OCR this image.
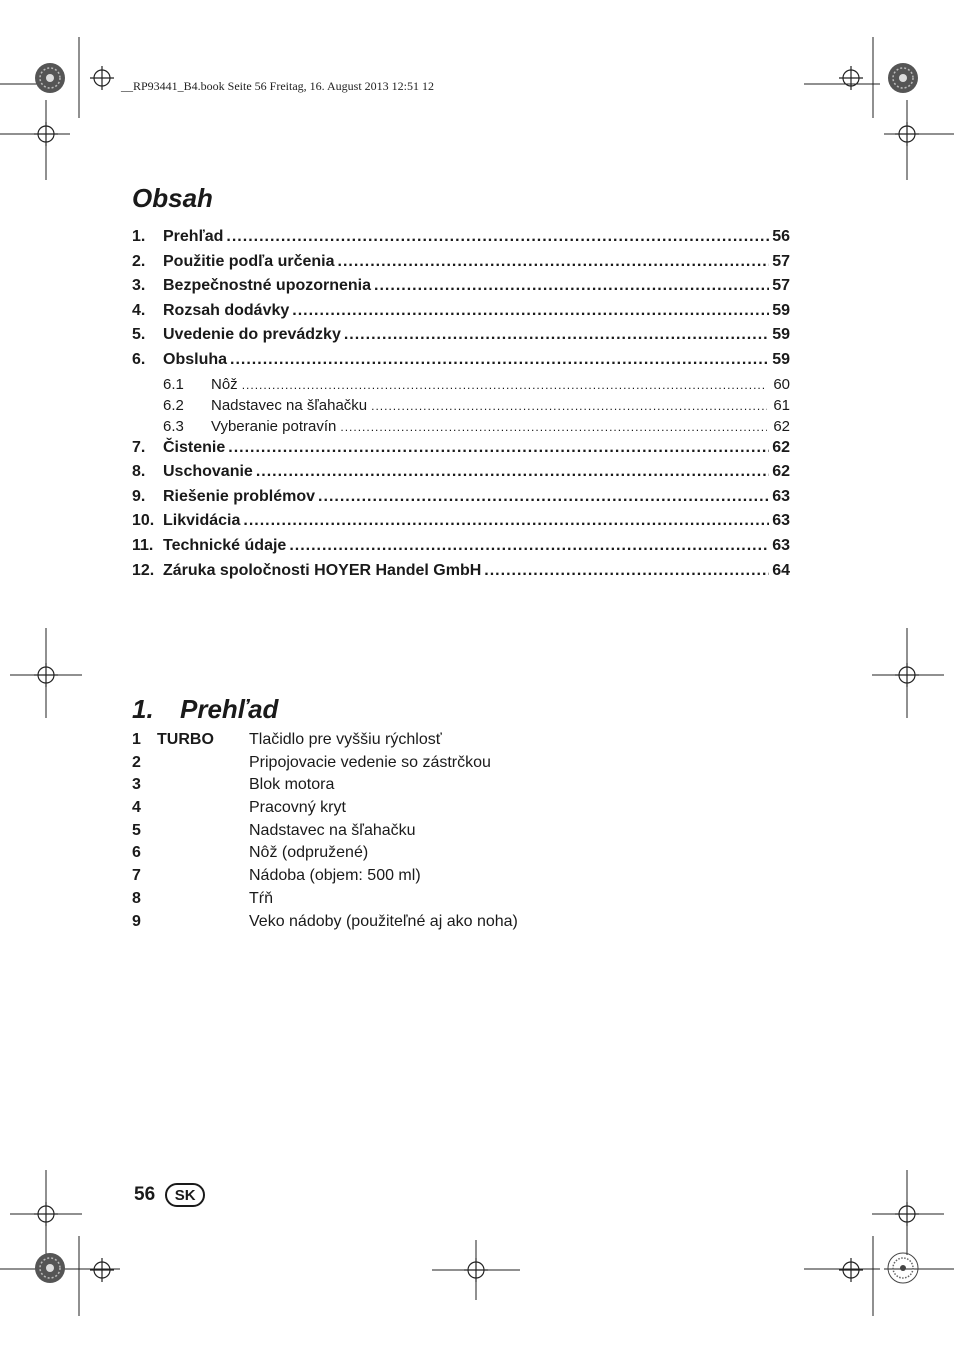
__RP93441_B4.book Seite 56 Freitag, 16. August 2013 12:51 12
Obsah
1.	Prehľad .....	56
2.	Použitie podľa určenia .....	57
3.	Bezpečnostné upozornenia .....	57
4.	Rozsah dodávky .....	59
5.	Uvedenie do prevádzky .....	59
6.	Obsluha .....	59
6.1	Nôž .....	60
6.2	Nadstavec na šľahačku .....	61
6.3	Vyberanie potravín .....	62
7.	Čistenie .....	62
8.	Uschovanie .....	62
9.	Riešenie problémov .....	63
10. Likvidácia .....	63
11. Technické údaje .....	63
12. Záruka spoločnosti HOYER Handel GmbH .....	64
1. Prehľad
1	TURBO	Tlačidlo pre vyššiu rýchlosť
2	Pripojovacie vedenie so zástrčkou
3	Blok motora
4	Pracovný kryt
5	Nadstavec na šľahačku
6	Nôž (odpružené)
7	Nádoba (objem: 500 ml)
8	Tŕň
9	Veko nádoby (použiteľné aj ako noha)
56	SK
